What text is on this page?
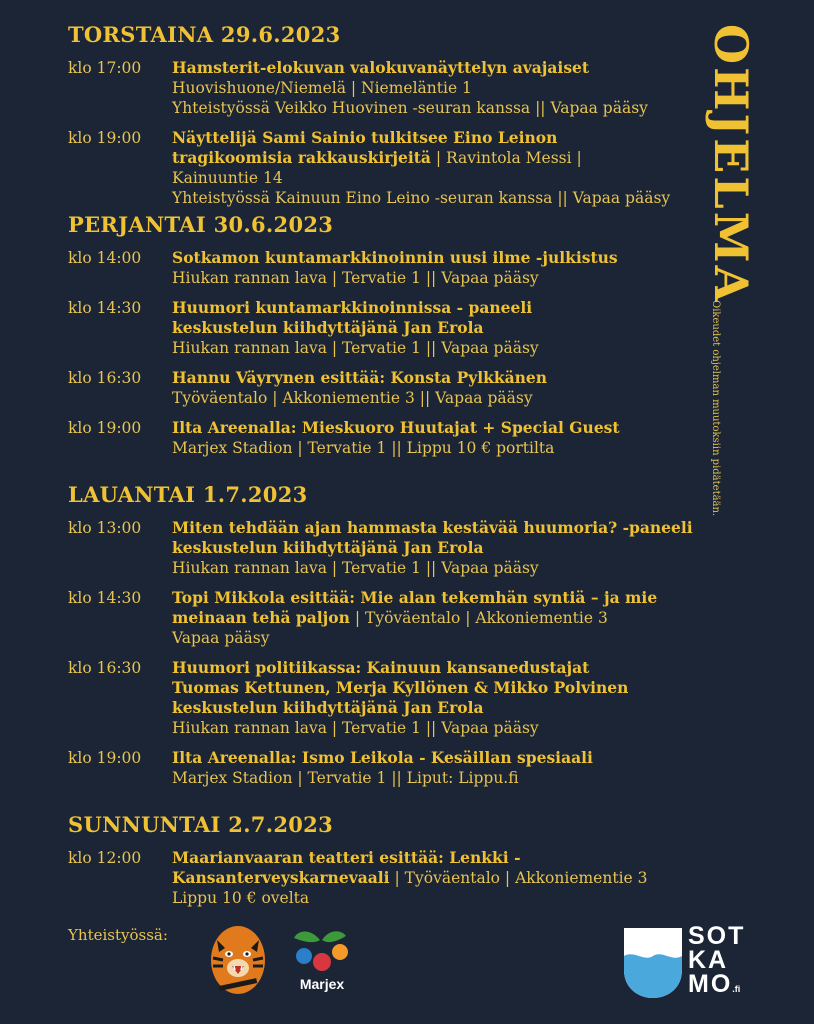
TORSTAINA 29.6.2023
klo 17:00 Hamsterit-elokuvan valokuvanäyttelyn avajaiset
Huovishuone/Niemelä | Niemeläntie 1
Yhteistyössä Veikko Huovinen -seuran kanssa || Vapaa pääsy
klo 19:00 Näyttelijä Sami Sainio tulkitsee Eino Leinon tragikoomisia rakkauskirjeitä | Ravintola Messi | Kainuuntie 14
Yhteistyössä Kainuun Eino Leino -seuran kanssa || Vapaa pääsy
PERJANTAI 30.6.2023
klo 14:00 Sotkamon kuntamarkkinoinnin uusi ilme -julkistus
Hiukan rannan lava | Tervatie 1 || Vapaa pääsy
klo 14:30 Huumori kuntamarkkinoinnissa - paneeli keskustelun kiihdyttäjänä Jan Erola
Hiukan rannan lava | Tervatie 1 || Vapaa pääsy
klo 16:30 Hannu Väyrynen esittää: Konsta Pylkkänen
Työväentalo | Akkoniementie 3 || Vapaa pääsy
klo 19:00 Ilta Areenalla: Mieskuoro Huutajat + Special Guest
Marjex Stadion | Tervatie 1 || Lippu 10 € portilta
LAUANTAI 1.7.2023
klo 13:00 Miten tehdään ajan hammasta kestävää huumoria? -paneeli keskustelun kiihdyttäjänä Jan Erola
Hiukan rannan lava | Tervatie 1 || Vapaa pääsy
klo 14:30 Topi Mikkola esittää: Mie alan tekemhän syntiä – ja mie meinaan tehä paljon | Työväentalo | Akkoniementie 3
Vapaa pääsy
klo 16:30 Huumori politiikassa: Kainuun kansanedustajat Tuomas Kettunen, Merja Kyllönen & Mikko Polvinen keskustelun kiihdyttäjänä Jan Erola
Hiukan rannan lava | Tervatie 1 || Vapaa pääsy
klo 19:00 Ilta Areenalla: Ismo Leikola - Kesäillan spesiaali
Marjex Stadion | Tervatie 1 || Liput: Lippu.fi
SUNNUNTAI 2.7.2023
klo 12:00 Maarianvaaran teatteri esittää: Lenkki - Kansanterveyskarnevaali | Työväentalo | Akkoniementie 3
Lippu 10 € ovelta
OHJELMA
Oikeudet ohjelman muutoksiin pidätetään.
Yhteistyössä:
Marjex
SOT
KA
MO.fi
